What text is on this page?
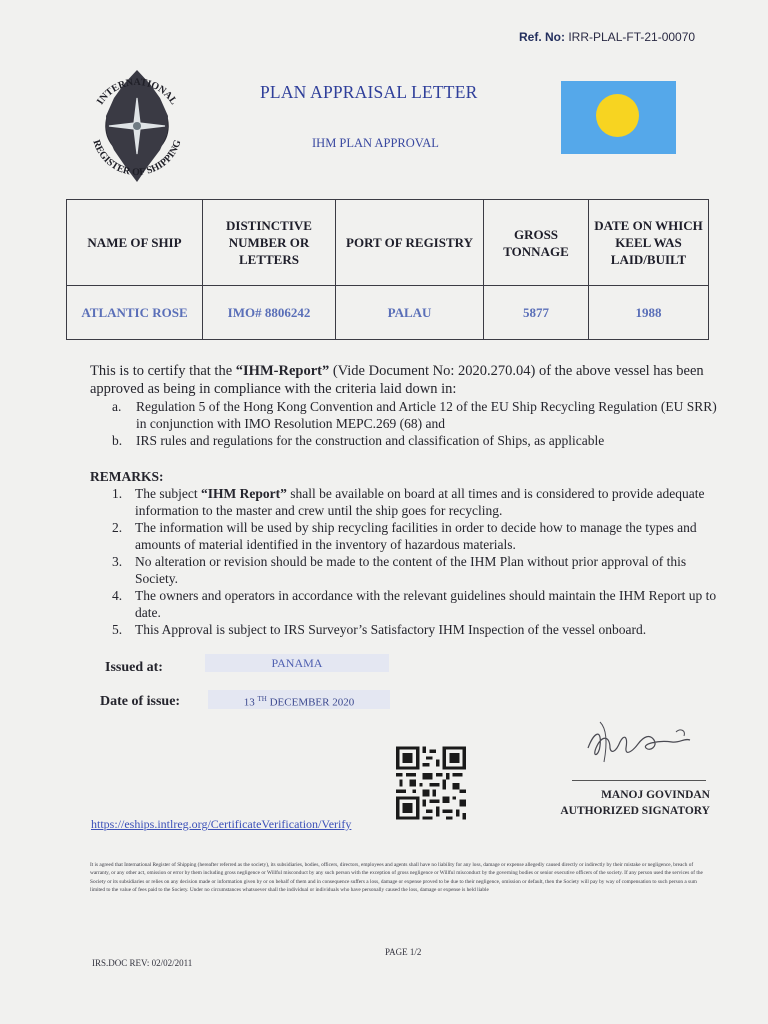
Ref. No: IRR-PLAL-FT-21-00070
INTERNATIONAL
REGISTER OF SHIPPING
PLAN APPRAISAL LETTER
IHM PLAN APPROVAL
NAME OF SHIP	DISTINCTIVE NUMBER OR LETTERS	PORT OF REGISTRY	GROSS TONNAGE	DATE ON WHICH KEEL WAS LAID/BUILT
ATLANTIC ROSE	IMO# 8806242	PALAU	5877	1988

This is to certify that the “IHM-Report” (Vide Document No: 2020.270.04) of the above vessel has been approved as being in compliance with the criteria laid down in:

a. Regulation 5 of the Hong Kong Convention and Article 12 of the EU Ship Recycling Regulation (EU SRR) in conjunction with IMO Resolution MEPC.269 (68) and
b. IRS rules and regulations for the construction and classification of Ships, as applicable

REMARKS:

1. The subject “IHM Report” shall be available on board at all times and is considered to provide adequate information to the master and crew until the ship goes for recycling.
2. The information will be used by ship recycling facilities in order to decide how to manage the types and amounts of material identified in the inventory of hazardous materials.
3. No alteration or revision should be made to the content of the IHM Plan without prior approval of this Society.
4. The owners and operators in accordance with the relevant guidelines should maintain the IHM Report up to date.
5. This Approval is subject to IRS Surveyor’s Satisfactory IHM Inspection of the vessel onboard.
Issued at:	PANAMA
Date of issue:	13 $^{TH}$ DECEMBER 2020
MANOJ GOVINDAN
AUTHORIZED SIGNATORY
https://eships.intlreg.org/CertificateVerification/Verify
It is agreed that International Register of Shipping (hereafter referred as the society), its subsidiaries, bodies, officers, directors, employees and agents shall have no liability for any loss, damage or expense allegedly caused directly or indirectly by their mistake or negligence, breach of warranty, or any other act, omission or error by them including gross negligence or Willful misconduct by any such person with the exception of gross negligence or Willful misconduct by the governing bodies or senior executive officers of the society. If any person used the services of the Society or its subsidiaries or relies on any decision made or information given by or on behalf of them and in consequence suffers a loss, damage or expense proved to be due to their negligence, omission or default, then the Society will pay by way of compensation to such person a sum limited to the value of fees paid to the Society. Under no circumstances whatsoever shall the individual or individuals who have personally caused the loss, damage or expense is held liable
PAGE 1/2
IRS.DOC REV: 02/02/2011
